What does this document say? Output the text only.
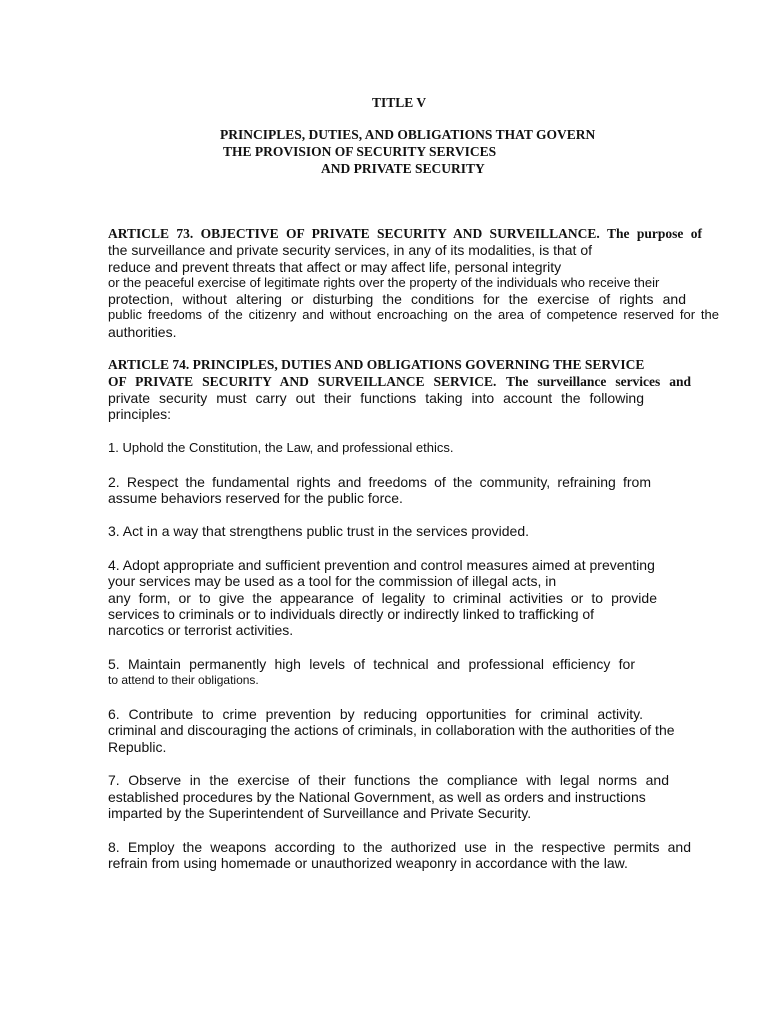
TITLE V
PRINCIPLES, DUTIES, AND OBLIGATIONS THAT GOVERN
THE PROVISION OF SECURITY SERVICES
AND PRIVATE SECURITY
ARTICLE 73. OBJECTIVE OF PRIVATE SECURITY AND SURVEILLANCE. The purpose of
the surveillance and private security services, in any of its modalities, is that of
reduce and prevent threats that affect or may affect life, personal integrity
or the peaceful exercise of legitimate rights over the property of the individuals who receive their
protection, without altering or disturbing the conditions for the exercise of rights and
public freedoms of the citizenry and without encroaching on the area of competence reserved for the
authorities.
ARTICLE 74. PRINCIPLES, DUTIES AND OBLIGATIONS GOVERNING THE SERVICE
OF PRIVATE SECURITY AND SURVEILLANCE SERVICE. The surveillance services and
private security must carry out their functions taking into account the following
principles:
1. Uphold the Constitution, the Law, and professional ethics.
2. Respect the fundamental rights and freedoms of the community, refraining from
assume behaviors reserved for the public force.
3. Act in a way that strengthens public trust in the services provided.
4. Adopt appropriate and sufficient prevention and control measures aimed at preventing
your services may be used as a tool for the commission of illegal acts, in
any form, or to give the appearance of legality to criminal activities or to provide
services to criminals or to individuals directly or indirectly linked to trafficking of
narcotics or terrorist activities.
5. Maintain permanently high levels of technical and professional efficiency for
to attend to their obligations.
6. Contribute to crime prevention by reducing opportunities for criminal activity.
criminal and discouraging the actions of criminals, in collaboration with the authorities of the
Republic.
7. Observe in the exercise of their functions the compliance with legal norms and
established procedures by the National Government, as well as orders and instructions
imparted by the Superintendent of Surveillance and Private Security.
8. Employ the weapons according to the authorized use in the respective permits and
refrain from using homemade or unauthorized weaponry in accordance with the law.
